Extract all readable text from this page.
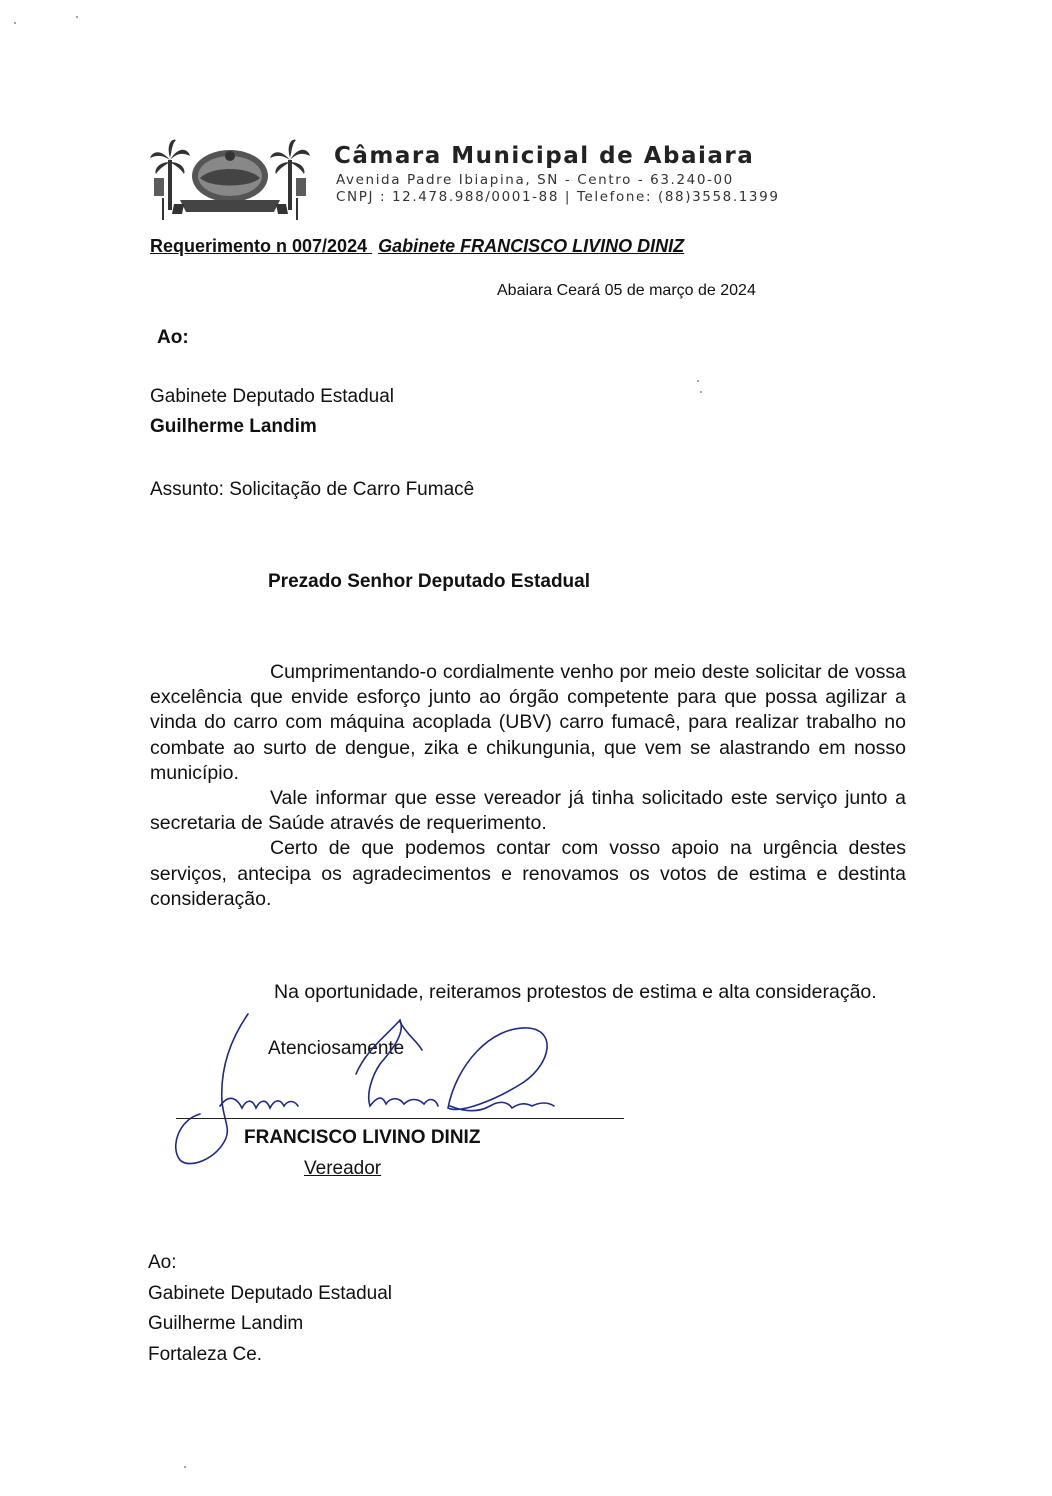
Câmara Municipal de Abaiara
Avenida Padre Ibiapina, SN - Centro - 63.240-00
CNPJ : 12.478.988/0001-88 | Telefone: (88)3558.1399
Requerimento n 007/2024 Gabinete FRANCISCO LIVINO DINIZ
Abaiara Ceará 05 de março de 2024
Ao:
Gabinete Deputado Estadual
Guilherme Landim
Assunto: Solicitação de Carro Fumacê
Prezado Senhor Deputado Estadual

Cumprimentando-o cordialmente venho por meio deste solicitar de vossa excelência que envide esforço junto ao órgão competente para que possa agilizar a vinda do carro com máquina acoplada (UBV) carro fumacê, para realizar trabalho no combate ao surto de dengue, zika e chikungunia, que vem se alastrando em nosso município.

Vale informar que esse vereador já tinha solicitado este serviço junto a secretaria de Saúde através de requerimento.

Certo de que podemos contar com vosso apoio na urgência destes serviços, antecipa os agradecimentos e renovamos os votos de estima e destinta consideração.

Na oportunidade, reiteramos protestos de estima e alta consideração.
Atenciosamente
FRANCISCO LIVINO DINIZ
Vereador
Ao:
Gabinete Deputado Estadual
Guilherme Landim
Fortaleza Ce.
